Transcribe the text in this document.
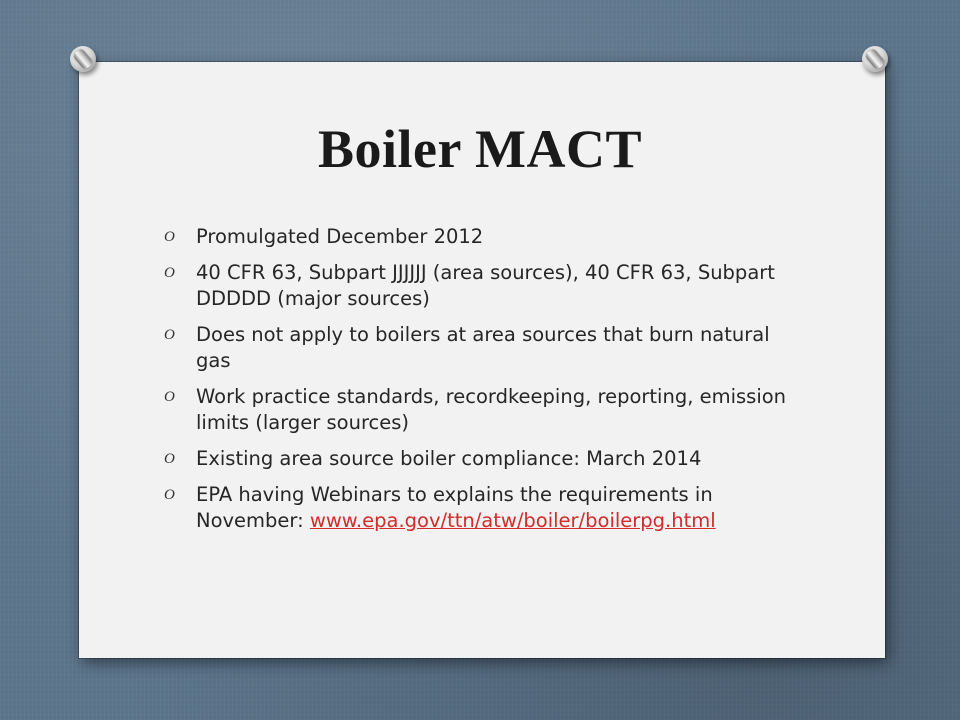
Boiler MACT
O Promulgated December 2012
O 40 CFR 63, Subpart JJJJJJ (area sources), 40 CFR 63, Subpart DDDDD (major sources)
O Does not apply to boilers at area sources that burn natural gas
O Work practice standards, recordkeeping, reporting, emission limits (larger sources)
O Existing area source boiler compliance: March 2014
O EPA having Webinars to explains the requirements in November: www.epa.gov/ttn/atw/boiler/boilerpg.html
